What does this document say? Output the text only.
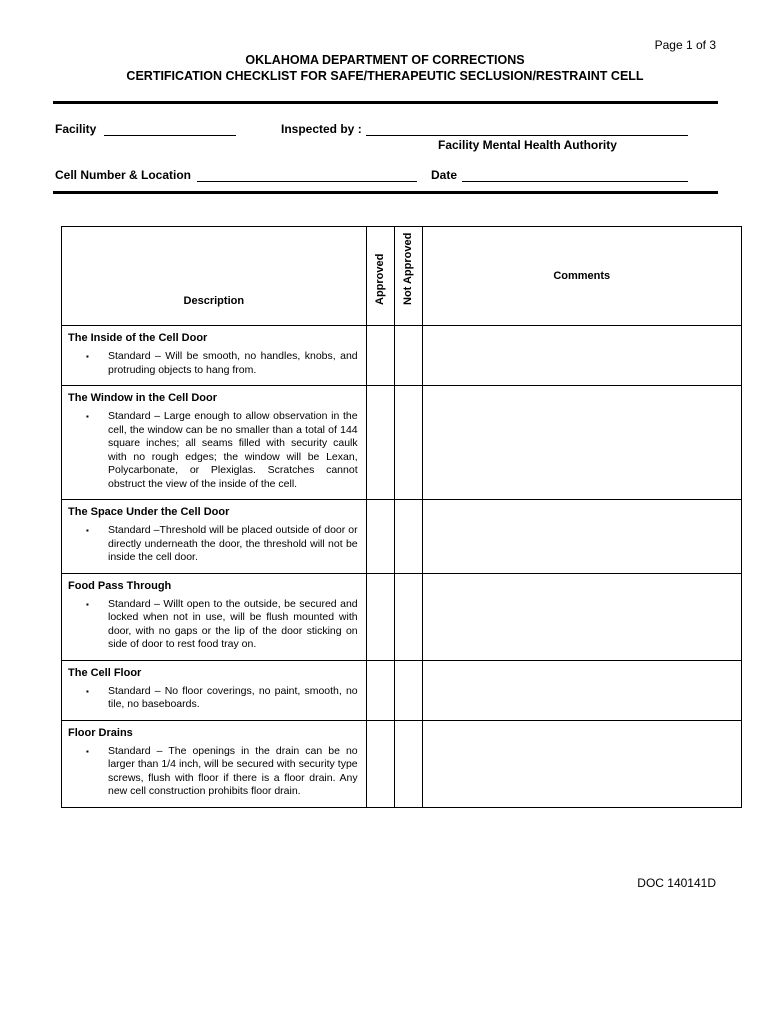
Page 1 of 3
OKLAHOMA DEPARTMENT OF CORRECTIONS
CERTIFICATION CHECKLIST FOR SAFE/THERAPEUTIC SECLUSION/RESTRAINT CELL
Facility	Inspected by :
Facility Mental Health Authority
Cell Number & Location	Date
Description	Approved	Not Approved	Comments

The Inside of the Cell Door
▪ Standard – Will be smooth, no handles, knobs, and protruding objects to hang from.			

The Window in the Cell Door
▪ Standard – Large enough to allow observation in the cell, the window can be no smaller than a total of 144 square inches; all seams filled with security caulk with no rough edges; the window will be Lexan, Polycarbonate, or Plexiglas. Scratches cannot obstruct the view of the inside of the cell.			

The Space Under the Cell Door
▪ Standard –Threshold will be placed outside of door or directly underneath the door, the threshold will not be inside the cell door.			

Food Pass Through
▪ Standard – Willt open to the outside, be secured and locked when not in use, will be flush mounted with door, with no gaps or the lip of the door sticking on side of door to rest food tray on.			

The Cell Floor
▪ Standard – No floor coverings, no paint, smooth, no tile, no baseboards.			

Floor Drains
▪ Standard – The openings in the drain can be no larger than 1/4 inch, will be secured with security type screws, flush with floor if there is a floor drain. Any new cell construction prohibits floor drain.			

DOC 140141D
